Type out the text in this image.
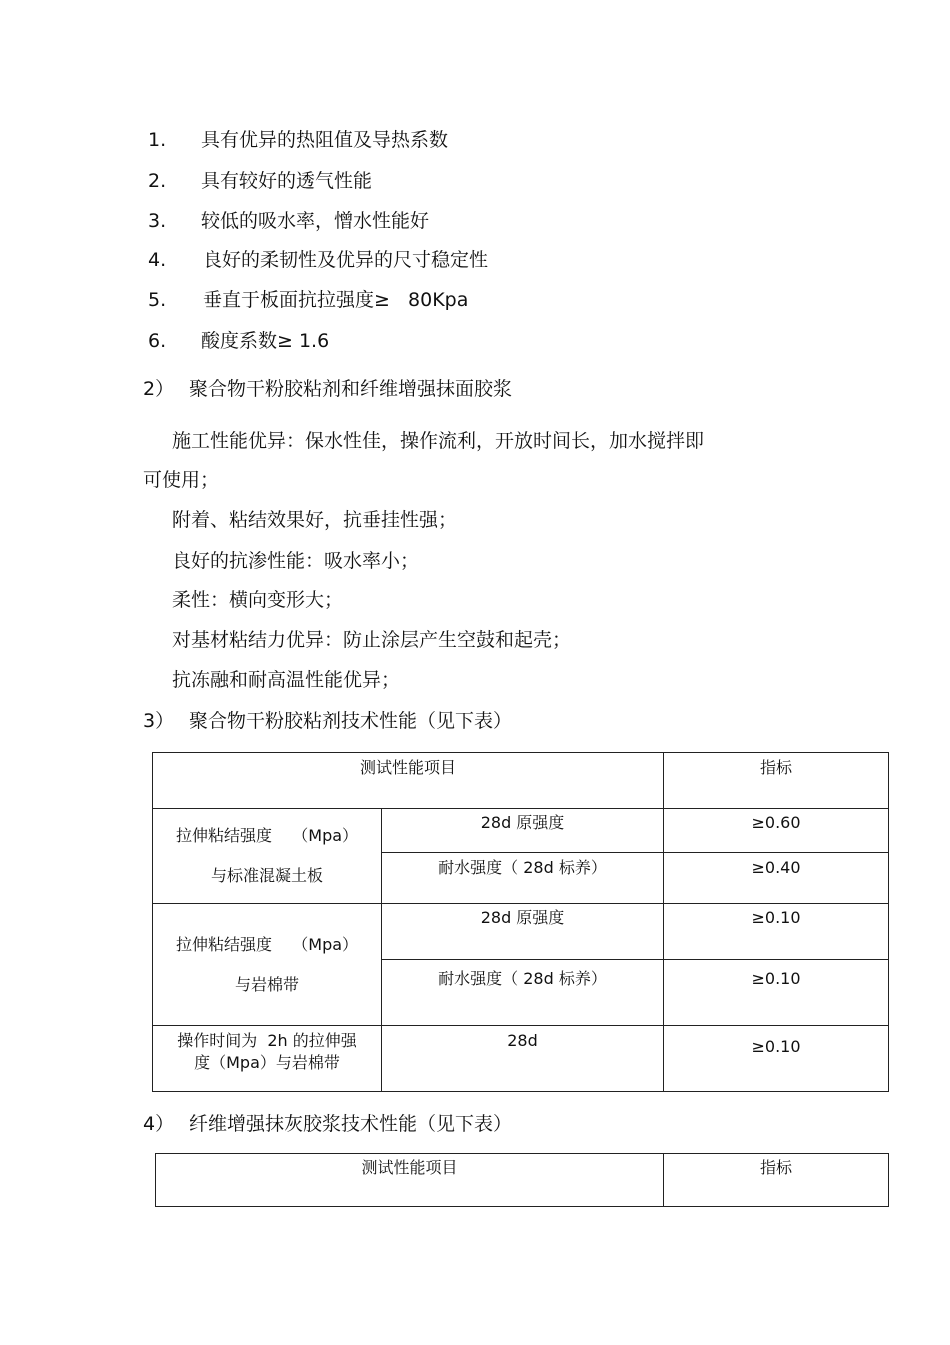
1. 具有优异的热阻值及导热系数
2. 具有较好的透气性能
3. 较低的吸水率，憎水性能好
4. 良好的柔韧性及优异的尺寸稳定性
5. 垂直于板面抗拉强度≥   80Kpa
6. 酸度系数≥ 1.6
2） 聚合物干粉胶粘剂和纤维增强抹面胶浆
施工性能优异：保水性佳，操作流利，开放时间长，加水搅拌即
可使用；
附着、粘结效果好，抗垂挂性强；
良好的抗渗性能：吸水率小；
柔性：横向变形大；
对基材粘结力优异：防止涂层产生空鼓和起壳；
抗冻融和耐高温性能优异；
3） 聚合物干粉胶粘剂技术性能（见下表）
测试性能项目		指标

拉伸粘结强度    （Mpa）
与标准混凝土板	28d 原强度	≥0.60
	耐水强度（ 28d 标养）	≥0.40

拉伸粘结强度    （Mpa）
与岩棉带	28d 原强度	≥0.10
	耐水强度（ 28d 标养）	≥0.10

操作时间为  2h 的拉伸强
度（Mpa）与岩棉带	28d	≥0.10
4） 纤维增强抹灰胶浆技术性能（见下表）
测试性能项目	指标
